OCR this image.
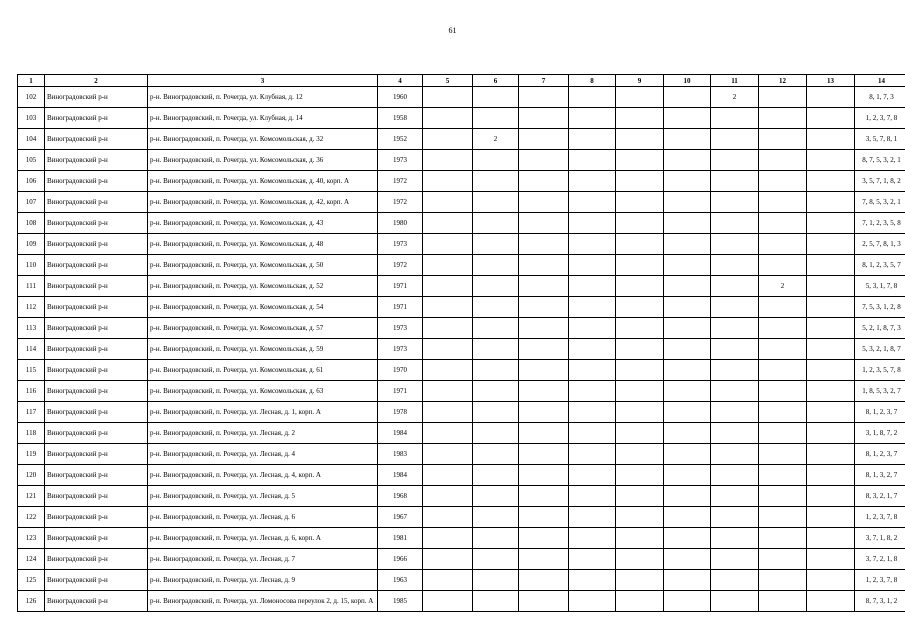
61
1	2	3	4	5	6	7	8	9	10	11	12	13	14
102	Виноградовский р-н	р-н. Виноградовский, п. Рочегда, ул. Клубная, д. 12	1960							2			8, 1, 7, 3
103	Виноградовский р-н	р-н. Виноградовский, п. Рочегда, ул. Клубная, д. 14	1958										1, 2, 3, 7, 8
104	Виноградовский р-н	р-н. Виноградовский, п. Рочегда, ул. Комсомольская, д. 32	1952		2								3, 5, 7, 8, 1
105	Виноградовский р-н	р-н. Виноградовский, п. Рочегда, ул. Комсомольская, д. 36	1973										8, 7, 5, 3, 2, 1
106	Виноградовский р-н	р-н. Виноградовский, п. Рочегда, ул. Комсомольская, д. 40, корп. А	1972										3, 5, 7, 1, 8, 2
107	Виноградовский р-н	р-н. Виноградовский, п. Рочегда, ул. Комсомольская, д. 42, корп. А	1972										7, 8, 5, 3, 2, 1
108	Виноградовский р-н	р-н. Виноградовский, п. Рочегда, ул. Комсомольская, д. 43	1980										7, 1, 2, 3, 5, 8
109	Виноградовский р-н	р-н. Виноградовский, п. Рочегда, ул. Комсомольская, д. 48	1973										2, 5, 7, 8, 1, 3
110	Виноградовский р-н	р-н. Виноградовский, п. Рочегда, ул. Комсомольская, д. 50	1972										8, 1, 2, 3, 5, 7
111	Виноградовский р-н	р-н. Виноградовский, п. Рочегда, ул. Комсомольская, д. 52	1971								2		5, 3, 1, 7, 8
112	Виноградовский р-н	р-н. Виноградовский, п. Рочегда, ул. Комсомольская, д. 54	1971										7, 5, 3, 1, 2, 8
113	Виноградовский р-н	р-н. Виноградовский, п. Рочегда, ул. Комсомольская, д. 57	1973										5, 2, 1, 8, 7, 3
114	Виноградовский р-н	р-н. Виноградовский, п. Рочегда, ул. Комсомольская, д. 59	1973										5, 3, 2, 1, 8, 7
115	Виноградовский р-н	р-н. Виноградовский, п. Рочегда, ул. Комсомольская, д. 61	1970										1, 2, 3, 5, 7, 8
116	Виноградовский р-н	р-н. Виноградовский, п. Рочегда, ул. Комсомольская, д. 63	1971										1, 8, 5, 3, 2, 7
117	Виноградовский р-н	р-н. Виноградовский, п. Рочегда, ул. Лесная, д. 1, корп. А	1978										8, 1, 2, 3, 7
118	Виноградовский р-н	р-н. Виноградовский, п. Рочегда, ул. Лесная, д. 2	1984										3, 1, 8, 7, 2
119	Виноградовский р-н	р-н. Виноградовский, п. Рочегда, ул. Лесная, д. 4	1983										8, 1, 2, 3, 7
120	Виноградовский р-н	р-н. Виноградовский, п. Рочегда, ул. Лесная, д. 4, корп. А	1984										8, 1, 3, 2, 7
121	Виноградовский р-н	р-н. Виноградовский, п. Рочегда, ул. Лесная, д. 5	1968										8, 3, 2, 1, 7
122	Виноградовский р-н	р-н. Виноградовский, п. Рочегда, ул. Лесная, д. 6	1967										1, 2, 3, 7, 8
123	Виноградовский р-н	р-н. Виноградовский, п. Рочегда, ул. Лесная, д. 6, корп. А	1981										3, 7, 1, 8, 2
124	Виноградовский р-н	р-н. Виноградовский, п. Рочегда, ул. Лесная, д. 7	1966										3, 7, 2, 1, 8
125	Виноградовский р-н	р-н. Виноградовский, п. Рочегда, ул. Лесная, д. 9	1963										1, 2, 3, 7, 8
126	Виноградовский р-н	р-н. Виноградовский, п. Рочегда, ул. Ломоносова переулок 2, д. 15, корп. А	1985										8, 7, 3, 1, 2
